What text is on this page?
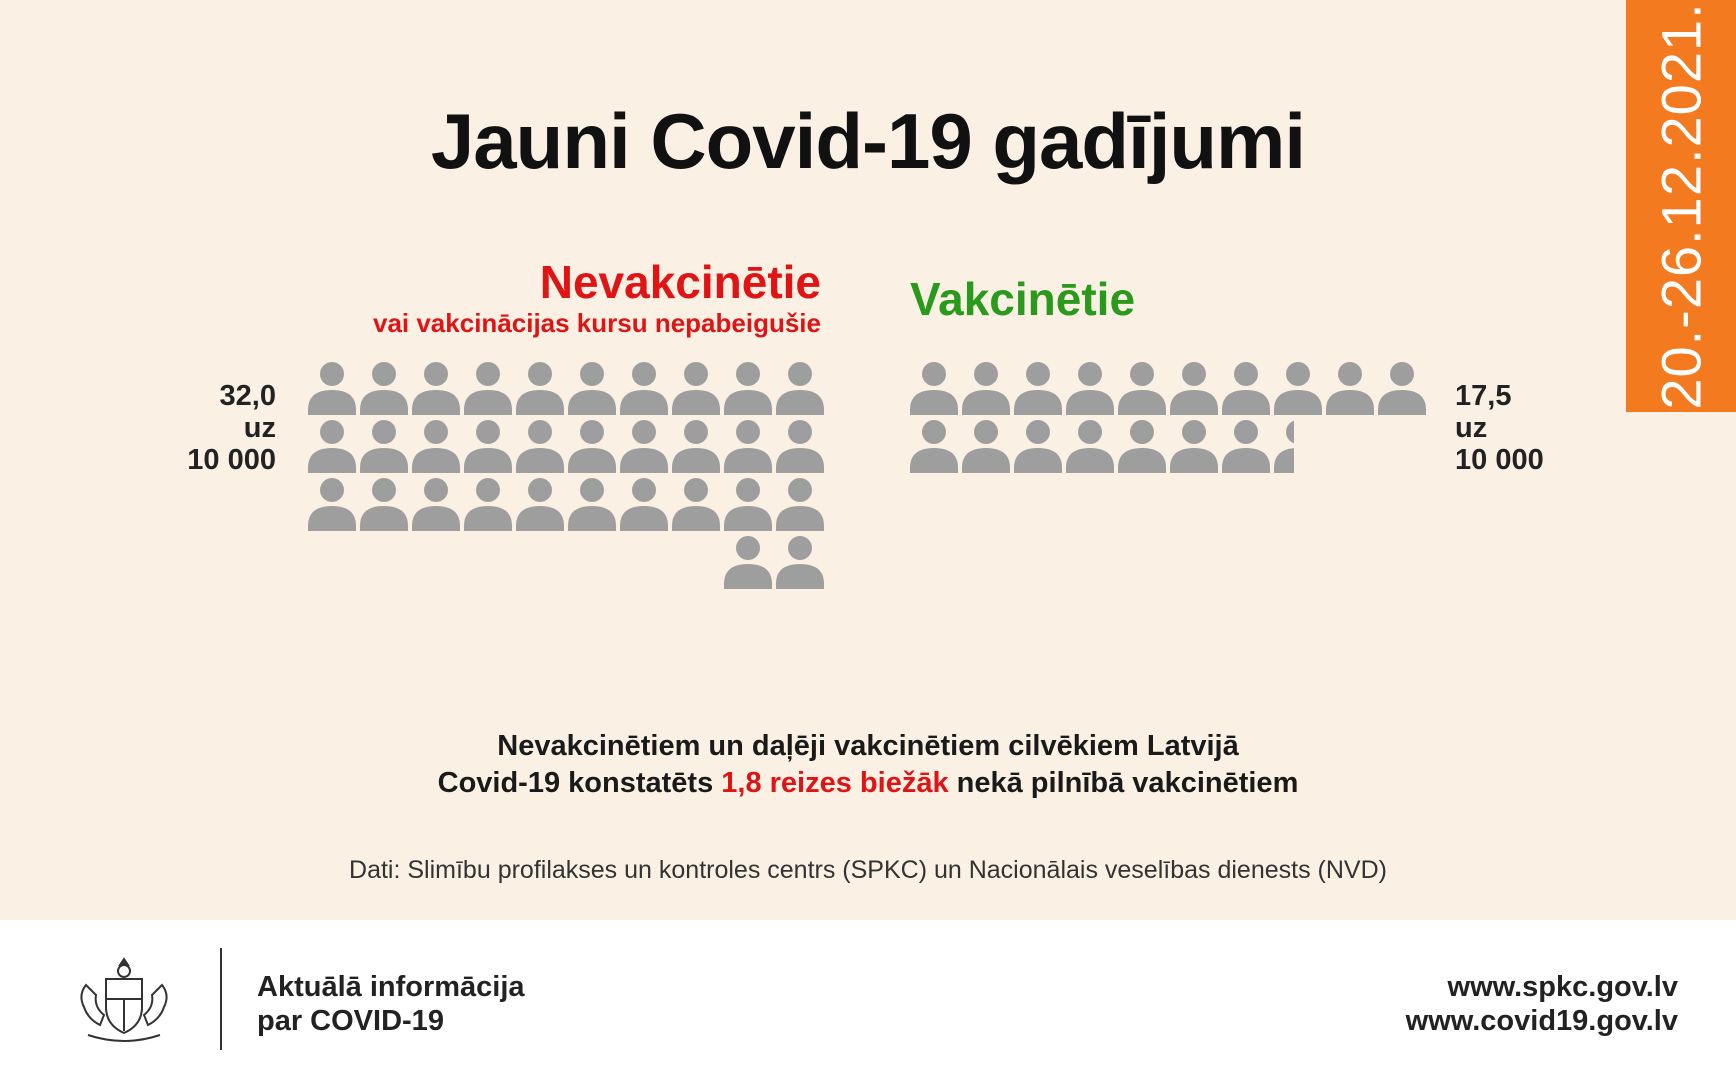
20.-26.12.2021.
Jauni Covid-19 gadījumi
Nevakcinētie
vai vakcinācijas kursu nepabeigušie Vakcinētie
32,0
uz
10 000
17,5
uz
10 000
Nevakcinētiem un daļēji vakcinētiem cilvēkiem Latvijā
Covid-19 konstatēts 1,8 reizes biežāk nekā pilnībā vakcinētiem
Dati: Slimību profilakses un kontroles centrs (SPKC) un Nacionālais veselības dienests (NVD)
Aktuālā informācija
par COVID-19
www.spkc.gov.lv
www.covid19.gov.lv
